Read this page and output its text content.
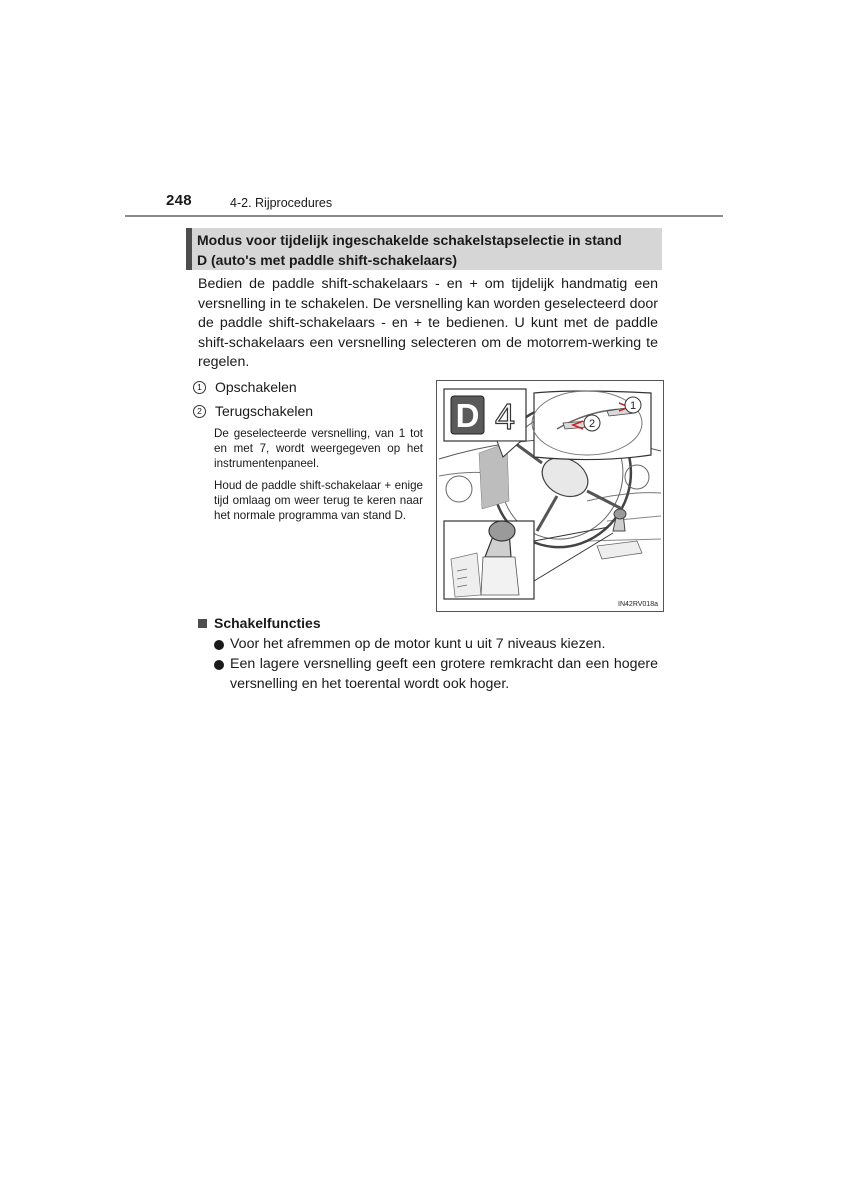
248	4-2. Rijprocedures
Modus voor tijdelijk ingeschakelde schakelstapselectie in stand
D (auto's met paddle shift-schakelaars)

Bedien de paddle shift-schakelaars - en + om tijdelijk handmatig een versnelling in te schakelen. De versnelling kan worden geselecteerd door de paddle shift-schakelaars - en + te bedienen. U kunt met de paddle shift-schakelaars een versnelling selecteren om de motorrem-werking te regelen.

1 Opschakelen
2 Terugschakelen

De geselecteerde versnelling, van 1 tot en met 7, wordt weergegeven op het instrumentenpaneel.

Houd de paddle shift-schakelaar + enige tijd omlaag om weer terug te keren naar het normale programma van stand D.

D 4	1
2
IN42RV018a
Schakelfuncties
Voor het afremmen op de motor kunt u uit 7 niveaus kiezen.
Een lagere versnelling geeft een grotere remkracht dan een hogere versnelling en het toerental wordt ook hoger.
